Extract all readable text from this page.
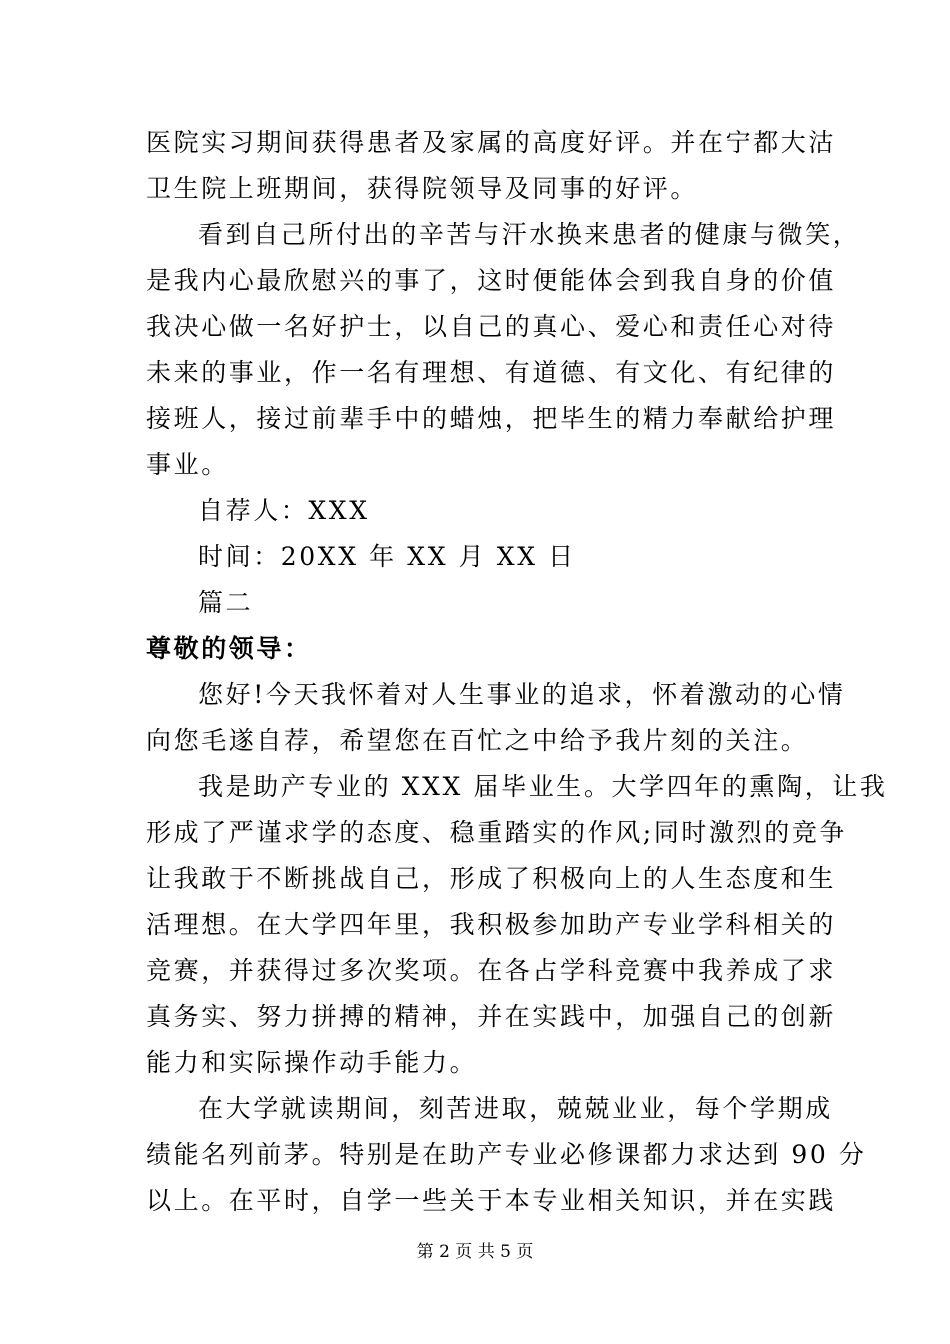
医院实习期间获得患者及家属的高度好评。并在宁都大沽
卫生院上班期间，获得院领导及同事的好评。
看到自己所付出的辛苦与汗水换来患者的健康与微笑，
是我内心最欣慰兴的事了，这时便能体会到我自身的价值
我决心做一名好护士，以自己的真心、爱心和责任心对待
未来的事业，作一名有理想、有道德、有文化、有纪律的
接班人，接过前辈手中的蜡烛，把毕生的精力奉献给护理
事业。
自荐人：XXX
时间：20XX 年 XX 月 XX 日
篇二
尊敬的领导：
您好!今天我怀着对人生事业的追求，怀着激动的心情
向您毛遂自荐，希望您在百忙之中给予我片刻的关注。
我是助产专业的 XXX 届毕业生。大学四年的熏陶，让我
形成了严谨求学的态度、稳重踏实的作风;同时激烈的竞争
让我敢于不断挑战自己，形成了积极向上的人生态度和生
活理想。在大学四年里，我积极参加助产专业学科相关的
竞赛，并获得过多次奖项。在各占学科竞赛中我养成了求
真务实、努力拼搏的精神，并在实践中，加强自己的创新
能力和实际操作动手能力。
在大学就读期间，刻苦进取，兢兢业业，每个学期成
绩能名列前茅。特别是在助产专业必修课都力求达到 90 分
以上。在平时，自学一些关于本专业相关知识，并在实践
第 2 页 共 5 页
